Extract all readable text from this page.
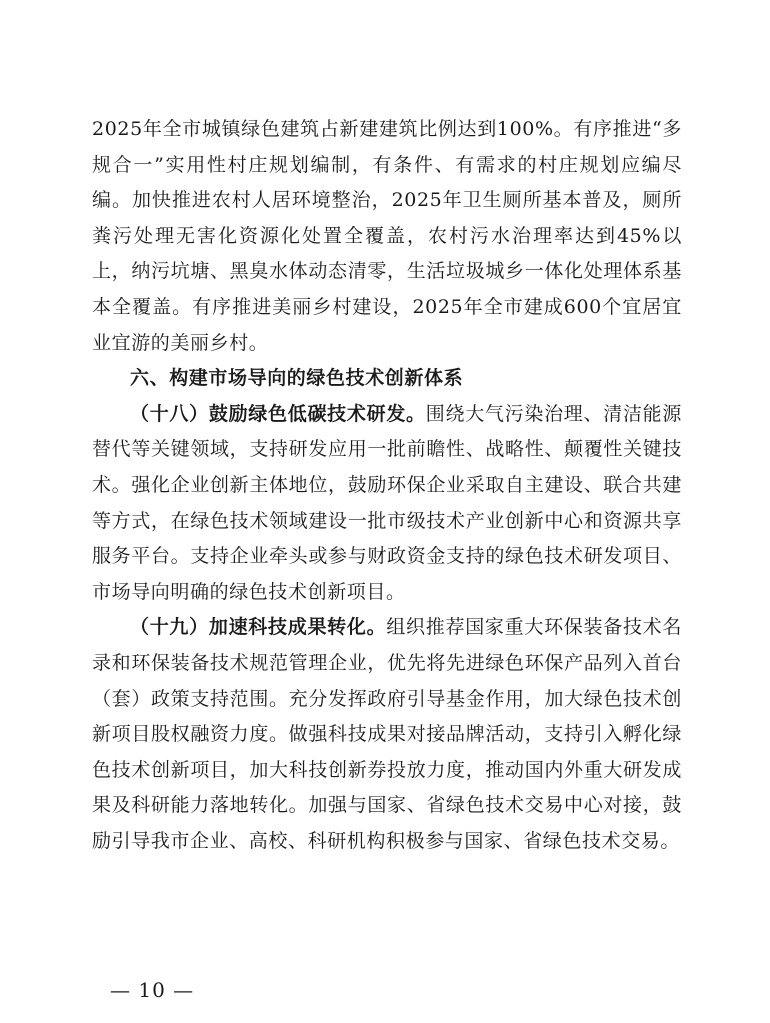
2025年全市城镇绿色建筑占新建建筑比例达到100%。有序推进“多规合一”实用性村庄规划编制，有条件、有需求的村庄规划应编尽编。加快推进农村人居环境整治，2025年卫生厕所基本普及，厕所粪污处理无害化资源化处置全覆盖，农村污水治理率达到45%以上，纳污坑塘、黑臭水体动态清零，生活垃圾城乡一体化处理体系基本全覆盖。有序推进美丽乡村建设，2025年全市建成600个宜居宜业宜游的美丽乡村。

六、构建市场导向的绿色技术创新体系

（十八）鼓励绿色低碳技术研发。围绕大气污染治理、清洁能源替代等关键领域，支持研发应用一批前瞻性、战略性、颠覆性关键技术。强化企业创新主体地位，鼓励环保企业采取自主建设、联合共建等方式，在绿色技术领域建设一批市级技术产业创新中心和资源共享服务平台。支持企业牵头或参与财政资金支持的绿色技术研发项目、市场导向明确的绿色技术创新项目。

（十九）加速科技成果转化。组织推荐国家重大环保装备技术名录和环保装备技术规范管理企业，优先将先进绿色环保产品列入首台（套）政策支持范围。充分发挥政府引导基金作用，加大绿色技术创新项目股权融资力度。做强科技成果对接品牌活动，支持引入孵化绿色技术创新项目，加大科技创新券投放力度，推动国内外重大研发成果及科研能力落地转化。加强与国家、省绿色技术交易中心对接，鼓励引导我市企业、高校、科研机构积极参与国家、省绿色技术交易。

— 10 —
